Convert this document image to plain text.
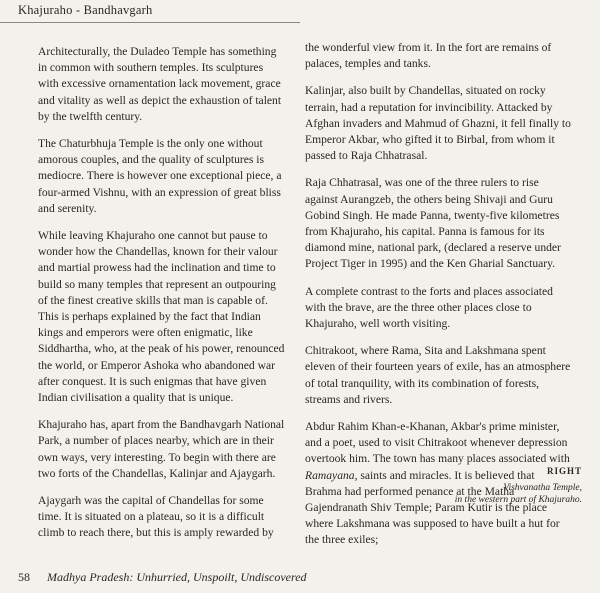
Khajuraho - Bandhavgarh

Architecturally, the Duladeo Temple has something in common with southern temples. Its sculptures with excessive ornamentation lack movement, grace and vitality as well as depict the exhaustion of talent by the twelfth century.

The Chaturbhuja Temple is the only one without amorous couples, and the quality of sculptures is mediocre. There is however one exceptional piece, a four-armed Vishnu, with an expression of great bliss and serenity.

While leaving Khajuraho one cannot but pause to wonder how the Chandellas, known for their valour and martial prowess had the inclination and time to build so many temples that represent an outpouring of the finest creative skills that man is capable of. This is perhaps explained by the fact that Indian kings and emperors were often enigmatic, like Siddhartha, who, at the peak of his power, renounced the world, or Emperor Ashoka who abandoned war after conquest. It is such enigmas that have given Indian civilisation a quality that is unique.

Khajuraho has, apart from the Bandhavgarh National Park, a number of places nearby, which are in their own ways, very interesting. To begin with there are two forts of the Chandellas, Kalinjar and Ajaygarh.

Ajaygarh was the capital of Chandellas for some time. It is situated on a plateau, so it is a difficult climb to reach there, but this is amply rewarded by

the wonderful view from it. In the fort are remains of palaces, temples and tanks.

Kalinjar, also built by Chandellas, situated on rocky terrain, had a reputation for invincibility. Attacked by Afghan invaders and Mahmud of Ghazni, it fell finally to Emperor Akbar, who gifted it to Birbal, from whom it passed to Raja Chhatrasal.

Raja Chhatrasal, was one of the three rulers to rise against Aurangzeb, the others being Shivaji and Guru Gobind Singh. He made Panna, twenty-five kilometres from Khajuraho, his capital. Panna is famous for its diamond mine, national park, (declared a reserve under Project Tiger in 1995) and the Ken Gharial Sanctuary.

A complete contrast to the forts and places associated with the brave, are the three other places close to Khajuraho, well worth visiting.

Chitrakoot, where Rama, Sita and Lakshmana spent eleven of their fourteen years of exile, has an atmosphere of total tranquility, with its combination of forests, streams and rivers.

Abdur Rahim Khan-e-Khanan, Akbar's prime minister, and a poet, used to visit Chitrakoot whenever depression overtook him. The town has many places associated with Ramayana, saints and miracles. It is believed that Brahma had performed penance at the Matha Gajendranath Shiv Temple; Param Kutir is the place where Lakshmana was supposed to have built a hut for the three exiles;

RIGHT
Vishvanatha Temple,
in the western part of Khajuraho.
58 Madhya Pradesh: Unhurried, Unspoilt, Undiscovered
